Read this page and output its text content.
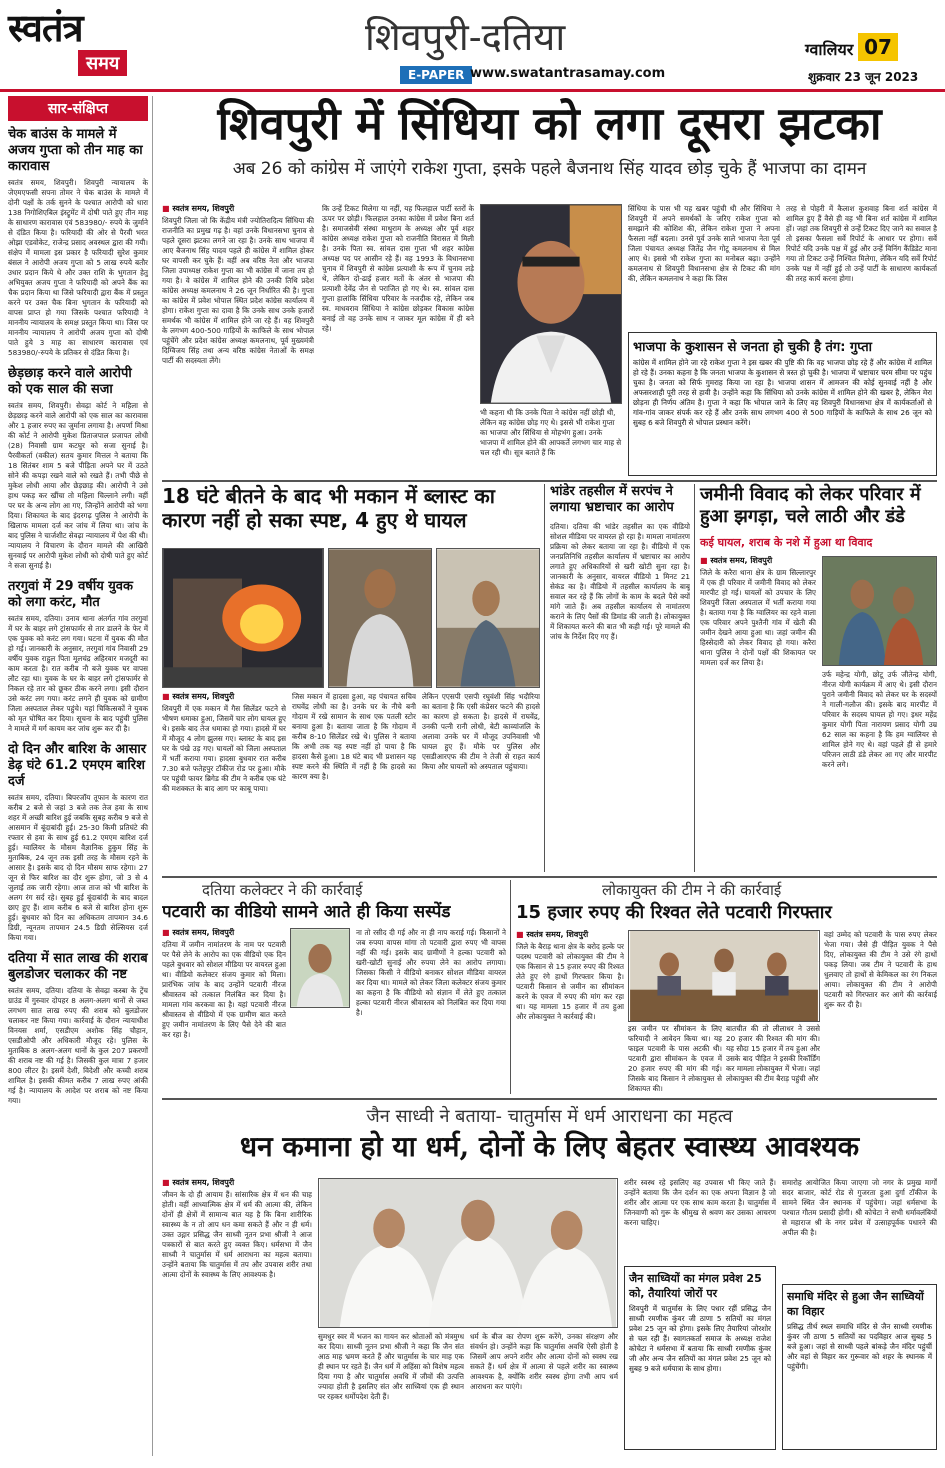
स्वतंत्र
समय
शिवपुरी-दतिया
E-PAPER www.swatantrasamay.com
ग्वालियर 07
शुक्रवार 23 जून 2023
सार-संक्षिप्त
चेक बाउंस के मामले में अजय गुप्ता को तीन माह का कारावास
स्वतंत्र समय, शिवपुरी। शिवपुरी न्यायालय के जेएमएफसी सपना तोमर ने चेक बाउंस के मामले में दोनी पक्षों के तर्क सुनने के पश्चात आरोपी को धारा 138 निगोशिएबिल इंस्ट्रूमेंट में दोषी पाते हुए तीन माह के साधारण कारावास एवं 583980/- रुपये के जुर्माने से दंडित किया है। फरियादी की ओर से पैरवी भरत ओझा एडवोकेट, राजेन्द्र प्रसाद अवस्थल द्वारा की गयी। संक्षेप में मामला इस प्रकार है फरियादी सुरेश कुमार बंसल ने आरोपी अजय गुप्ता को 5 लाख रुपये बतौर उधार प्रदान किये थे और उक्त राशि के भुगतान हेतु अभियुक्त अजय गुप्ता ने फरियादी को अपने बैंक का चैक प्रदान किया था जिसे फरियादी द्वारा बैंक में प्रस्तुत करने पर उक्त चैक बिना भुगतान के फरियादी को वापस प्राप्त हो गया जिसके पश्चात फरियादी ने माननीय न्यायालय के समक्ष प्रस्तुत किया था। जिस पर माननीय न्यायालय ने आरोपी अजय गुप्ता को दोषी पाते हुये 3 माह का साधारण कारावास एवं 583980/-रुपये के प्रतिकर से दंडित किया है।
छेड़छाड़ करने वाले आरोपी को एक साल की सजा
स्वतंत्र समय, शिवपुरी। सेवढ़ा कोर्ट ने महिला से छेड़छाड़ करने वाले आरोपी को एक साल का कारावास और 1 हजार रुपए का जुर्माना लगाया है। अपर्णा मिश्रा की कोर्ट ने आरोपी मुकेश प्रिताजपाल प्रजापत लोधी (28) निवासी ग्राम कटघुर को सजा सुनाई है। पैरवीकर्ता (वकील) सतय कुमार मित्तल ने बताया कि 18 सितंबर शाम 5 बजे पीड़िता अपने घर में उठते सोने की कपड़ा रखने वाले को रखते हैं। तभी पीछे से मुकेश लोधी आया और छेड़छाड़ की। आरोपी ने उसे हाथ पकड़ कर खींचा तो महिला चिल्लाने लगी। वहीं पर घर के अन्य लोग आ गए, जिन्होंने आरोपी को भगा दिया। शिकायत के बाद इंदरगढ़ पुलिस ने आरोपी के खिलाफ मामला दर्ज कर जांच में लिया था। जांच के बाद पुलिस ने चार्जशीट सेवढ़ा न्यायालय में पेश की थी। न्यायालय ने विचारण के दौरान मामले की आखिरी सुनवाई पर आरोपी मुकेश लोधी को दोषी पाते हुए कोर्ट ने सजा सुनाई है।
तरगुवां में 29 वर्षीय युवक को लगा करंट, मौत
स्वतंत्र समय, दतिया। उनाव थाना अंतर्गत गांव तरगुवां में घर के बाहर लगे ट्रांसफार्मर से तार डालने के फेर में एक युवक को करंट लग गया। घटना में युवक की मौत हो गई। जानकारी के अनुसार, तरगुवां गांव निवासी 29 वर्षीय युवक राहुल पिता मूलचंद्र अहिरवार मजदूरी का काम करता है। रात करीब नौ बजे युवक घर वापस लौट रहा था। युवक के घर के बाहर लगे ट्रांसफार्मर से निकल रहे तार को छूकर ठीक करने लगा। इसी दौरान उसे करंट लग गया। करंट लगने ही युवक को ग्रामीण जिला अस्पताल लेकर पहुंचे। यहां चिकित्सकों ने युवक को मृत घोषित कर दिया। सूचना के बाद पहुंची पुलिस ने मामले में मर्ग कायम कर जांच शुरू कर दी है।
दो दिन और बारिश के आसार डेढ़ घंटे 61.2 एमएम बारिश दर्ज
स्वतंत्र समय, दतिया। बिपरजॉय तूफान के कारण रात करीब 2 बजे से जहां 3 बजे तक तेज हवा के साथ शहर में अच्छी बारिश हुई जबकि सुबह करीब 9 बजे से आसमान में बूंदाबांदी हुई। 25-30 किमी प्रतिघंटे की रफ्तार से हवा के साथ हुई 61.2 एमएम बारिश दर्ज हुई। ग्वालियर के मौसम वैज्ञानिक हुकुम सिंह के मुताबिक, 24 जून तक इसी तरह के मौसम रहने के आसार है। इसके बाद दो दिन मौसम साफ रहेगा। 27 जून से फिर बारिश का दौर शुरू होगा, जो 3 से 4 जुलाई तक जारी रहेगा। आज ताज को भी बारिश के अलग रंग सर्द रहे। सुबह हुई बूंदाबांदी के बाद बादल छाए हुए हैं। शाम करीब 6 बजे से बारिश होना शुरू हुई। बुधवार को दिन का अधिकतम तापमान 34.6 डिग्री, न्यूनतम तापमान 24.5 डिग्री सेल्सियस दर्ज किया गया।
दतिया में सात लाख की शराब बुलडोजर चलाकर की नष्ट
स्वतंत्र समय, दतिया। दतिया के सेवढ़ा कस्बा के ट्रेंच ग्राउंड में गुरुवार दोपहर 8 अलग-अलग थानों से जब्त लगभग सात लाख रुपए की शराब को बुलडोजर चलाकर नष्ट किया गया। कार्रवाई के दौरान न्यायाधीश विनयस शर्मा, एसडीएम अशोक सिंह चौहान, एसडीओपी और अधिकारी मौजूद रहे। पुलिस के मुताबिक 8 अलग-अलग थानों के कुल 207 प्रकरणों की शराब नष्ट की गई है। जिसकी कुल मात्रा 7 हजार 800 लीटर है। इसमें देशी, विदेशी और कच्ची शराब शामिल है। इसकी कीमत करीब 7 लाख रुपए आंकी गई है। न्यायालय के आदेश पर शराब को नष्ट किया गया।
शिवपुरी में सिंधिया को लगा दूसरा झटका
अब 26 को कांग्रेस में जाएंगे राकेश गुप्ता, इसके पहले बैजनाथ सिंह यादव छोड़ चुके हैं भाजपा का दामन
■ स्वतंत्र समय, शिवपुरी
शिवपुरी जिला जो कि केंद्रीय मंत्री ज्योतिरादित्य सिंधिया की राजनीति का प्रमुख गढ़ है। वहां उनके विधानसभा चुनाव से पहले दूसरा झटका लगने जा रहा है। उनके साथ भाजपा में आए बैजनाथ सिंह यादव पहले ही कांग्रेस में शामिल होकर घर वापसी कर चुके हैं। वहीं अब वरिष्ठ नेता और भाजपा जिला उपाध्यक्ष राकेश गुप्ता का भी कांग्रेस में जाना तय हो गया है। वे कांग्रेस में शामिल होने की उनकी तिथि प्रदेश कांग्रेस अध्यक्ष कमलनाथ ने 26 जून निर्धारित की है। गुप्ता का कांग्रेस में प्रवेश भोपाल स्थित प्रदेश कांग्रेस कार्यालय में होगा। राकेश गुप्ता का दावा है कि उनके साथ उनके हजारों समर्थक भी कांग्रेस में शामिल होने जा रहे हैं। वह शिवपुरी के लगभग 400-500 गाड़ियों के काफिले के साथ भोपाल पहुंचेंगे और प्रदेश कांग्रेस अध्यक्ष कमलनाथ, पूर्व मुख्यमंत्री दिग्विजय सिंह तथा अन्य वरिष्ठ कांग्रेस नेताओं के समक्ष पार्टी की सदस्यता लेंगे।
कि उन्हें टिकट मिलेगा या नहीं, यह फिलहाल पार्टी स्तरों के ऊपर पर छोड़ी। फिलहाल उनका कांग्रेस में प्रवेश बिना शर्त है। समाजसेवी संस्था माथुराम के अध्यक्ष और पूर्व शहर कांग्रेस अध्यक्ष राकेश गुप्ता को राजनीति विरासत में मिली है। उनके पिता स्व. सांवल दास गुप्ता भी शहर कांग्रेस अध्यक्ष पद पर आसीन रहे हैं। वह 1993 के विधानसभा चुनाव में शिवपुरी से कांग्रेस प्रत्याशी के रूप में चुनाव लड़े थे, लेकिन दो-ढाई हजार मतों के अंतर से भाजपा की प्रत्याशी देवेंद्र जैन से पराजित हो गए थे। स्व. सांवल दास गुप्ता हालांकि सिंधिया परिवार के नजदीक रहे, लेकिन जब स्व. माधवराव सिंधिया ने कांग्रेस छोड़कर विकास कांग्रेस बनाई तो वह उनके साथ न जाकर मूल कांग्रेस में ही बने रहे।
भी कहना थी कि उनके पिता ने कांग्रेस नहीं छोड़ी थी, लेकिन वह कांग्रेस छोड़ गए थे। इससे भी राकेश गुप्ता का भाजपा और सिंधिया से मोहभंग हुआ। उनके भाजपा में शामिल होने की आपकर्ते लगभग चार माह से चल रही थी। सूत्र बताते हैं कि
सिंधिया के पास भी यह खबर पहुंची थी और सिंधिया ने शिवपुरी में अपने समर्थकों के जरिए राकेश गुप्ता को समझाने की कोशिश की, लेकिन राकेश गुप्ता ने अपना फैसला नहीं बदला। उनसे पूर्व उनके साले भाजपा नेता पूर्व जिला पंचायत अध्यक्ष जितेंद्र जैन गोटू कमलनाथ से मिल आए थे। इससे भी राकेश गुप्ता का मनोबल बढ़ा। उन्होंने कमलनाथ से शिवपुरी विधानसभा क्षेत्र से टिकट की मांग की, लेकिन कमलनाथ ने कहा कि जिस
तरह से पोहरी में कैलाश कुशवाह बिना शर्त कांग्रेस में शामिल हुए हैं वैसे ही वह भी बिना शर्त कांग्रेस में शामिल हों। जहां तक शिवपुरी से उन्हें टिकट दिए जाने का सवाल है तो इसका फैसला सर्वे रिपोर्ट के आधार पर होगा। सर्वे रिपोर्ट यदि उनके पक्ष में हुई और उन्हें विनिंग कैंडिडेट माना गया तो टिकट उन्हें निश्चित मिलेगा, लेकिन यदि सर्वे रिपोर्ट उनके पक्ष में नहीं हुई तो उन्हें पार्टी के साधारण कार्यकर्ता की तरह कार्य करना होगा।
भाजपा के कुशासन से जनता हो चुकी है तंग: गुप्ता
कांग्रेस में शामिल होने जा रहे राकेश गुप्ता ने इस खबर की पुष्टि की कि वह भाजपा छोड़ रहे हैं और कांग्रेस में शामिल हो रहे हैं। उनका कहना है कि जनता भाजपा के कुशासन से त्रस्त हो चुकी है। भाजपा में भ्रष्टाचार चरम सीमा पर पहुंच चुका है। जनता को सिर्फ गुमराह किया जा रहा है। भाजपा शासन में आमजन की कोई सुनवाई नहीं है और अफसरशाही पूरी तरह से हावी है। उन्होंने कहा कि सिंधिया को उनके कांग्रेस में शामिल होने की खबर है, लेकिन मेरा छोड़ना ही निर्णय अंतिम है। गुप्ता ने कहा कि भोपाल जाने के लिए वह शिवपुरी विधानसभा क्षेत्र में कार्यकर्ताओं से गांव-गांव जाकर संपर्क कर रहे हैं और उनके साथ लगभग 400 से 500 गाड़ियों के काफिले के साथ 26 जून को सुबह 6 बजे शिवपुरी से भोपाल प्रस्थान करेंगे।
18 घंटे बीतने के बाद भी मकान में ब्लास्ट का कारण नहीं हो सका स्पष्ट, 4 हुए थे घायल
■ स्वतंत्र समय, शिवपुरी
शिवपुरी में एक मकान में गैस सिलेंडर फटने से भीषण धमाका हुआ, जिसमें चार लोग घायल हुए थे। इसके बाद तेज धमाका हो गया। हादसे में घर में मौजूद 4 लोग झुलस गए। ब्लास्ट के बाद इस घर के पंखे उड़ गए। घायलों को जिला अस्पताल में भर्ती कराया गया। हादसा बुधवार रात करीब 7.30 बजे फतेहपुर टॉकीज रोड पर हुआ। मौके पर पहुंची फायर ब्रिगेड की टीम ने करीब एक घंटे की मशक्कत के बाद आग पर काबू पाया।
जिस मकान में हादसा हुआ, वह पंचायत सचिव राघवेंद्र लोधी का है। उनके घर के नीचे बनी गोदाम में रखे सामान के साथ एक पतली स्टोर बनाया हुआ है। बताया जाता है कि गोदाम में करीब 8-10 सिलेंडर रखे थे। पुलिस ने बताया कि अभी तक यह स्पष्ट नहीं हो पाया है कि हादसा कैसे हुआ। 18 घंटे बाद भी प्रशासन यह स्पष्ट करने की स्थिति में नहीं है कि हादसे का कारण क्या है।
लेकिन एएसपी एसपी रघुवंशी सिंह भदौरिया का बताना है कि एसी कंप्रेसर फटने की हादसे का कारण हो सकता है। हादसे में राघवेंद्र, उनकी पत्नी रानी लोधी, बेटी काव्यांजलि के अलावा उनके घर में मौजूद उपनिवासी भी घायल हुए हैं। मौके पर पुलिस और एसडीआरएफ की टीम ने तेजी से राहत कार्य किया और घायलों को अस्पताल पहुंचाया।
भांडेर तहसील में सरपंच ने लगाया भ्रष्टाचार का आरोप
दतिया। दतिया की भांडेर तहसील का एक वीडियो सोशल मीडिया पर वायरल हो रहा है। मामला नामांतरण प्रक्रिया को लेकर बताया जा रहा है। वीडियो में एक जनप्रतिनिधि तहसील कार्यालय में भ्रष्टाचार का आरोप लगाते हुए अधिकारियों से खरी खोटी सुना रहा है। जानकारी के अनुसार, वायरल वीडियो 1 मिनट 21 सेकंड का है। वीडियो में तहसील कार्यालय के बाबू सवाल कर रहे हैं कि लोगों के काम के बदले पैसे क्यों मांगे जाते हैं। अब तहसील कार्यालय से नामांतरण कराने के लिए पैसों की डिमांड की जाती है। लोकायुक्त में शिकायत करने की बात भी कही गई। पूरे मामले की जांच के निर्देश दिए गए हैं।
जमीनी विवाद को लेकर परिवार में हुआ झगड़ा, चले लाठी और डंडे
कई घायल, शराब के नशे में हुआ था विवाद
■ स्वतंत्र समय, शिवपुरी
जिले के करैरा थाना क्षेत्र के ग्राम सिल्लारपुर में एक ही परिवार में जमीनी विवाद को लेकर मारपीट हो गई। घायलों को उपचार के लिए शिवपुरी जिला अस्पताल में भर्ती कराया गया है। बताया गया है कि ग्वालियर का रहने वाला एक परिवार अपने पुश्तैनी गांव में खेती की जमीन देखने आया हुआ था। जहां जमीन की हिस्सेदारी को लेकर विवाद हो गया। करैरा थाना पुलिस ने दोनों पक्षों की शिकायत पर मामला दर्ज कर लिया है।
उर्फ महेन्द्र योगी, छोटू उर्फ जीतेन्द्र योगी, नीरज योगी कार्यक्रम में आए थे। इसी दौरान पुराने जमीनी विवाद को लेकर घर के सदस्यों ने गाली-गलौज की। इसके बाद मारपीट में परिवार के सदस्य घायल हो गए। इधर महेंद्र कुमार योगी पिता नारायण प्रसाद योगी उम्र 62 साल का कहना है कि हम ग्वालियर से शामिल होने गए थे। वहां पहले ही से हमारे परिजन लाठी डंडे लेकर आ गए और मारपीट करने लगे।
दतिया कलेक्टर ने की कार्रवाई
पटवारी का वीडियो सामने आते ही किया सस्पेंड
■ स्वतंत्र समय, शिवपुरी
दतिया में जमीन नामांतरण के नाम पर पटवारी पर पैसे लेने के आरोप का एक वीडियो एक दिन पहले बुधवार को सोशल मीडिया पर वायरल हुआ था। वीडियो कलेक्टर संजय कुमार को मिला। प्रारंभिक जांच के बाद उन्होंने पटवारी नीरज श्रीवास्तव को तत्काल निलंबित कर दिया है। मामला गांव करकवा का है। यहां पटवारी नीरज श्रीवास्तव से वीडियो में एक ग्रामीण बात करते हुए जमीन नामांतरण के लिए पैसे देने की बात कर रहा है।
ना तो रसीद दी गई और ना ही नाप कराई गई। किसानों ने जब रुपया वापस मांगा तो पटवारी द्वारा रुपए भी वापस नहीं की गई। इसके बाद ग्रामीणों ने हल्का पटवारी को खरी-खोटी सुनाई और रुपया लेने का आरोप लगाया। जिसका किसी ने वीडियो बनाकर सोशल मीडिया वायरल कर दिया था। मामले को लेकर जिला कलेक्टर संजय कुमार का कहना है कि वीडियो को संज्ञान में लेते हुए तत्काल हल्का पटवारी नीरज श्रीवास्तव को निलंबित कर दिया गया है।
लोकायुक्त की टीम ने की कार्रवाई
15 हजार रुपए की रिश्वत लेते पटवारी गिरफ्तार
■ स्वतंत्र समय, शिवपुरी
जिले के बैराड़ थाना क्षेत्र के बरोद हल्के पर पदस्थ पटवारी को लोकायुक्त की टीम ने एक किसान से 15 हजार रुपए की रिश्वत लेते हुए रंगे हाथों गिरफ्तार किया है। पटवारी किसान से जमीन का सीमांकन करने के एवज में रुपए की मांग कर रहा था। यह मामला 15 हजार में तय हुआ और लोकायुक्त ने कार्रवाई की।
इस जमीन पर सीमांकन के लिए फरियादी ने आवेदन किया था। यह फाइल पटवारी के पास अटकी थी। पटवारी द्वारा सीमांकन के एवज में 20 हजार रुपए की मांग की गई। जिसके बाद किसान ने लोकायुक्त से शिकायत की।
बातचीत की तो लीलाधर ने उससे 20 हजार की रिश्वत की मांग की। यह सौदा 15 हजार में तय हुआ और उसके बाद पीड़ित ने इसकी रिकॉर्डिंग कर मामला लोकायुक्त में भेजा। जहां लोकायुक्त की टीम बैराड़ पहुंची और
वहां उम्मेद को पटवारी के पास रुपए लेकर भेजा गया। जैसे ही पीड़ित युवक ने पैसे दिए, लोकायुक्त की टीम ने उसे रंगे हाथों पकड़ लिया। जब टीम ने पटवारी के हाथ धुलवाए तो हाथों से केमिकल का रंग निकल आया। लोकायुक्त की टीम ने आरोपी पटवारी को गिरफ्तार कर आगे की कार्रवाई शुरू कर दी है।
जैन साध्वी ने बताया- चातुर्मास में धर्म आराधना का महत्व
धन कमाना हो या धर्म, दोनों के लिए बेहतर स्वास्थ्य आवश्यक
■ स्वतंत्र समय, शिवपुरी
जीवन के दो ही आयाम हैं। सांसारिक क्षेत्र में धन की चाह होती। वहीं आध्यात्मिक क्षेत्र में धर्म की आत्मा की, लेकिन दोनों ही क्षेत्रों में सामान्य बात यह है कि बिना शारीरिक स्वास्थ्य के न तो आप धन कमा सकते हैं और न ही धर्म। उक्त उद्गार प्रसिद्ध जैन साध्वी नूतन प्रभा श्रीजी ने आज पत्रकारों से बात करते हुए व्यक्त किए। धर्मसभा में जैन साध्वी ने चातुर्मास में धर्म आराधना का महत्व बताया। उन्होंने बताया कि चातुर्मास में तप और उपवास शरीर तथा आत्मा दोनों के स्वास्थ्य के लिए आवश्यक है।
सुमधुर स्वर में भजन का गायन कर श्रोताओं को मंत्रमुग्ध कर दिया। साध्वी नूतन प्रभा श्रीजी ने कहा कि जैन संत आठ माह भ्रमण करते हैं और चातुर्मास के चार माह एक ही स्थान पर रहते हैं। जैन धर्म में अहिंसा को विशेष महत्व दिया गया है और चातुर्मास अवधि में जीवों की उत्पत्ति ज्यादा होती है इसलिए संत और साध्वियां एक ही स्थान पर रहकर धर्मोपदेश देती हैं।
धर्म के बीज का रोपण शुरू करेंगे, उनका संरक्षण और संवर्धन हो। उन्होंने कहा कि चातुर्मास अवधि ऐसी होती है जिसमें आप अपने शरीर और आत्मा दोनों को स्वस्थ रख सकते हैं। धर्म क्षेत्र में आत्मा से पहले शरीर का स्वास्थ्य आवश्यक है, क्योंकि शरीर स्वस्थ होगा तभी आप धर्म आराधना कर पाएंगे।
शरीर स्वस्थ रहे इसलिए वह उपवास भी किए जाते हैं। उन्होंने बताया कि जैन दर्शन का एक अपना विज्ञान है जो शरीर और आत्मा पर एक साथ काम करता है। चातुर्मास में जिनवाणी को गुरू के श्रीमुख से श्रवण कर उसका आचरण करना चाहिए।
जैन साध्वियों का मंगल प्रवेश 25 को, तैयारियां जोरों पर
शिवपुरी में चातुर्मास के लिए पधार रहीं प्रसिद्ध जैन साध्वी रमणीक कुंवर जी ठाणा 5 सतियों का मंगल प्रवेश 25 जून को होगा। इसके लिए तैयारियां जोरशोर से चल रही हैं। स्वागतकर्ता समाज के अध्यक्ष राजेश कोचेटा ने धर्मसभा में बताया कि साध्वी रमणीक कुंवर जी और अन्य जैन सतियों का मंगल प्रवेश 25 जून को सुबह 9 बजे धर्मयात्रा के साथ होगा।
समारोह आयोजित किया जाएगा जो नगर के प्रमुख मार्गों सदर बाजार, कोर्ट रोड से गुजरता हुआ दुर्गा टॉकीज के सामने स्थित जैन स्थानक में पहुंचेगा। जहां धर्मसभा के पश्चात गौतम प्रसादी होगी। श्री कोचेटा ने सभी धर्मावलंबियों से महाराज श्री के नगर प्रवेश में उत्साहपूर्वक पधारने की अपील की है।
समाधि मंदिर से हुआ जैन साध्वियों का विहार
प्रसिद्ध तीर्थ स्थल समाधि मंदिर से जैन साध्वी रमणीक कुंवर जी ठाणा 5 सतियों का पदविहार आज सुबह 5 बजे हुआ। जहां से साध्वी पहले बांकड़े जैन मंदिर पहुंचीं और वहां से विहार कर गुरूवार को शहर के स्थानक में पहुंचेंगी।
